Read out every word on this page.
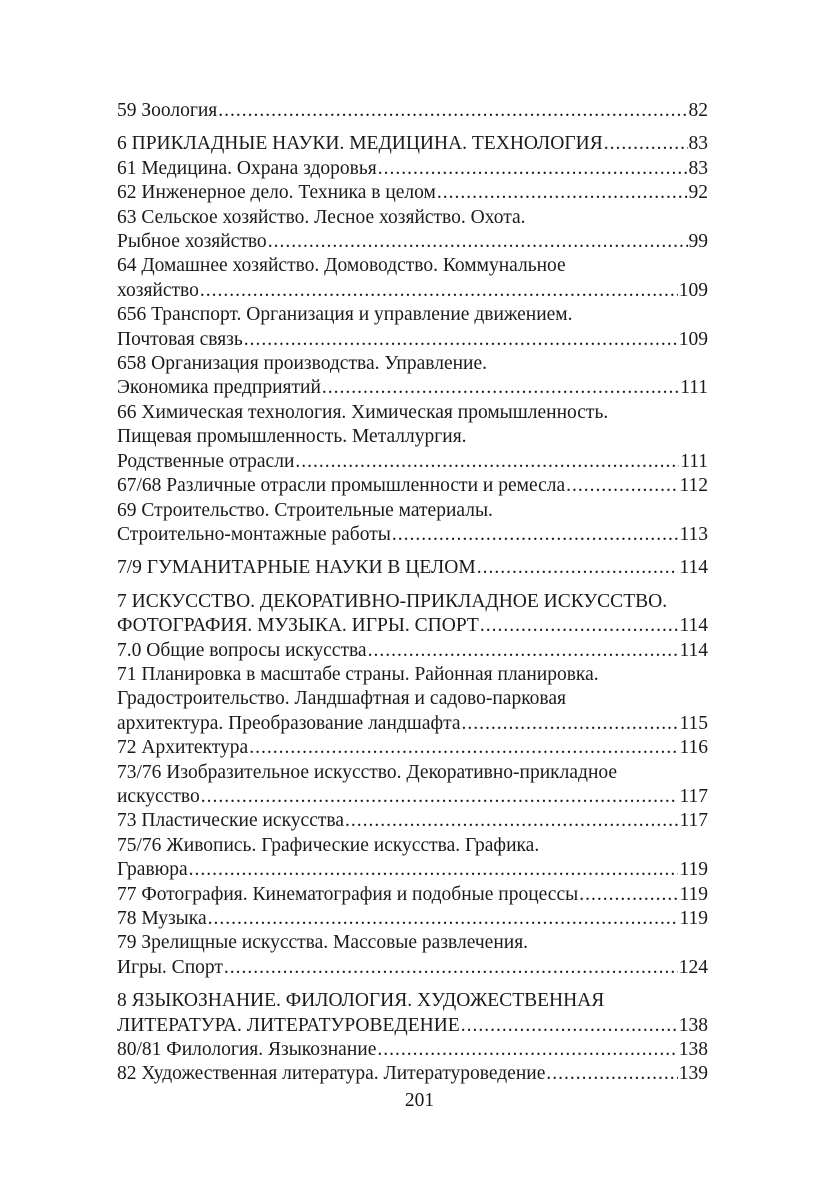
59 Зоология .....	82
6 ПРИКЛАДНЫЕ НАУКИ. МЕДИЦИНА. ТЕХНОЛОГИЯ .....	83
61 Медицина. Охрана здоровья .....	83
62 Инженерное дело. Техника в целом .....	92
63 Сельское хозяйство. Лесное хозяйство. Охота.
Рыбное хозяйство .....	99
64 Домашнее хозяйство. Домоводство. Коммунальное
хозяйство .....	109
656 Транспорт. Организация и управление движением.
Почтовая связь .....	109
658 Организация производства. Управление.
Экономика предприятий .....	111
66 Химическая технология. Химическая промышленность.
Пищевая промышленность. Металлургия.
Родственные отрасли .....	111
67/68 Различные отрасли промышленности и ремесла .....	112
69 Строительство. Строительные материалы.
Строительно-монтажные работы .....	113
7/9 ГУМАНИТАРНЫЕ НАУКИ В ЦЕЛОМ .....	114
7 ИСКУССТВО. ДЕКОРАТИВНО-ПРИКЛАДНОЕ ИСКУССТВО.
ФОТОГРАФИЯ. МУЗЫКА. ИГРЫ. СПОРТ .....	114
7.0 Общие вопросы искусства .....	114
71 Планировка в масштабе страны. Районная планировка.
Градостроительство. Ландшафтная и садово-парковая
архитектура. Преобразование ландшафта .....	115
72 Архитектура .....	116
73/76 Изобразительное искусство. Декоративно-прикладное
искусство .....	117
73 Пластические искусства .....	117
75/76 Живопись. Графические искусства. Графика.
Гравюра .....	119
77 Фотография. Кинематография и подобные процессы .....	119
78 Музыка .....	119
79 Зрелищные искусства. Массовые развлечения.
Игры. Спорт .....	124
8 ЯЗЫКОЗНАНИЕ. ФИЛОЛОГИЯ. ХУДОЖЕСТВЕННАЯ
ЛИТЕРАТУРА. ЛИТЕРАТУРОВЕДЕНИЕ .....	138
80/81 Филология. Языкознание .....	138
82 Художественная литература. Литературоведение .....	139
201
